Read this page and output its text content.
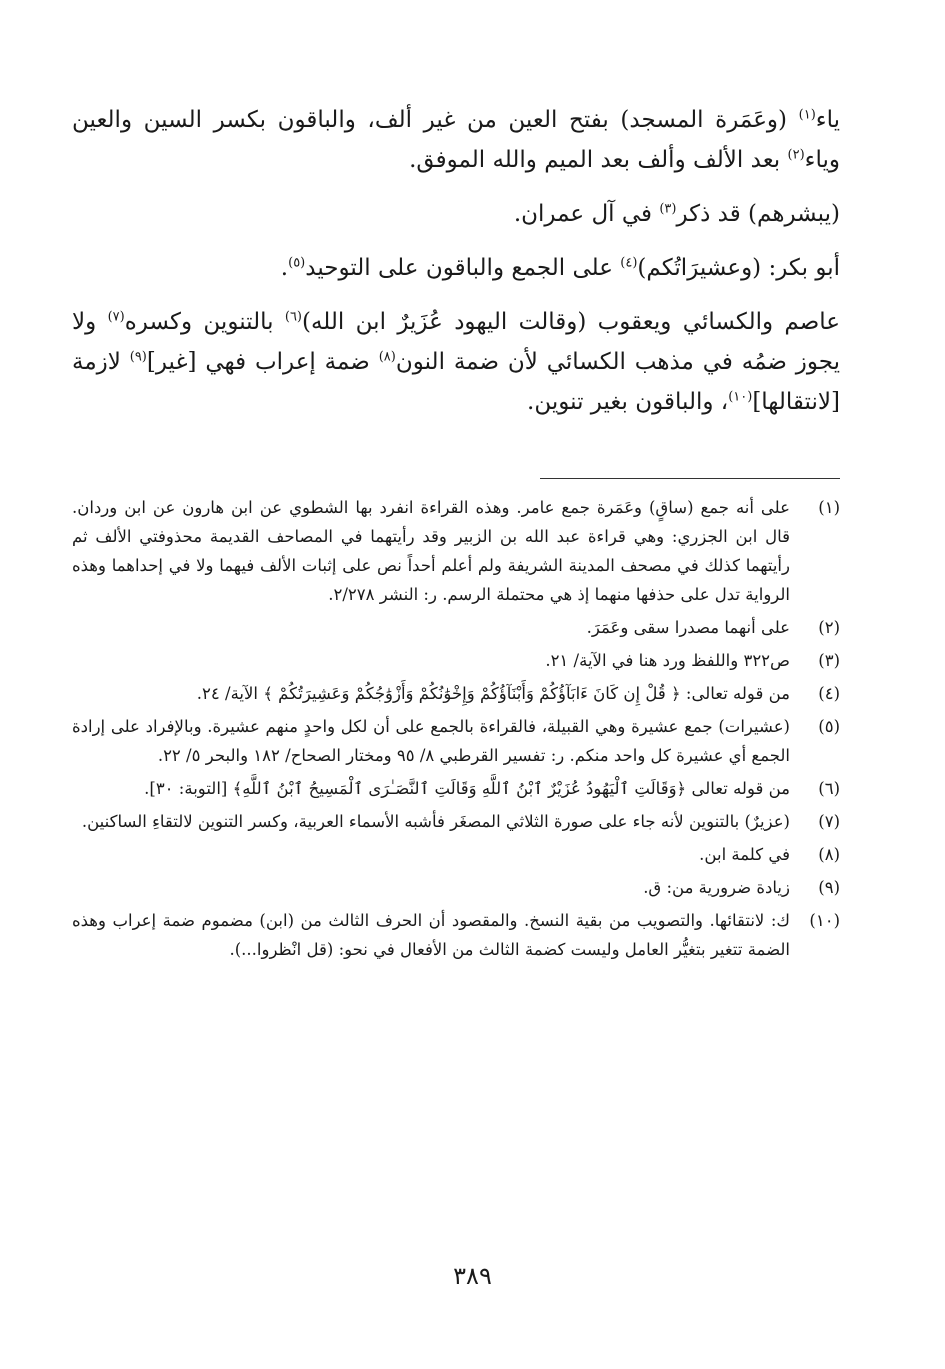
ياء$^{(١)}$ (وعَمَرة المسجد) بفتح العين من غير ألف، والباقون بكسر السين والعين وياء$^{(٢)}$ بعد الألف وألف بعد الميم والله الموفق.

(يبشرهم) قد ذكر$^{(٣)}$ في آل عمران.

أبو بكر: (وعشيرَاتُكم)$^{(٤)}$ على الجمع والباقون على التوحيد$^{(٥)}$.

عاصم والكسائي ويعقوب (وقالت اليهود عُزَيرٌ ابن الله)$^{(٦)}$ بالتنوين وكسره$^{(٧)}$ ولا يجوز ضمُه في مذهب الكسائي لأن ضمة النون$^{(٨)}$ ضمة إعراب فهي [غير]$^{(٩)}$ لازمة [لانتقالها]$^{(١٠)}$، والباقون بغير تنوين.

(١)
على أنه جمع (ساقٍ) وعَمَرة جمع عامر. وهذه القراءة انفرد بها الشطوي عن ابن هارون عن ابن وردان. قال ابن الجزري: وهي قراءة عبد الله بن الزبير وقد رأيتهما في المصاحف القديمة محذوفتي الألف ثم رأيتهما كذلك في مصحف المدينة الشريفة ولم أعلم أحداً نص على إثبات الألف فيهما ولا في إحداهما وهذه الرواية تدل على حذفها منهما إذ هي محتملة الرسم. ر: النشر ٢/٢٧٨.
(٢)
على أنهما مصدرا سقى وعَمَرَ.
(٣)
ص٣٢٢ واللفظ ورد هنا في الآية/ ٢١.
(٤)
من قوله تعالى: ﴿ قُلْ إِن كَانَ ءَابَآؤُكُمْ وَأَبْنَآؤُكُمْ وَإِخْوَٰنُكُمْ وَأَزْوَٰجُكُمْ وَعَشِيرَتُكُمْ ﴾ الآية/ ٢٤.
(٥)
(عشيرات) جمع عشيرة وهي القبيلة، فالقراءة بالجمع على أن لكل واحدٍ منهم عشيرة. وبالإفراد على إرادة الجمع أي عشيرة كل واحد منكم. ر: تفسير القرطبي ٨/ ٩٥ ومختار الصحاح/ ١٨٢ والبحر ٥/ ٢٢.
(٦)
من قوله تعالى ﴿وَقَالَتِ ٱلْيَهُودُ عُزَيْرٌ ٱبْنُ ٱللَّهِ وَقَالَتِ ٱلنَّصَـٰرَى ٱلْمَسِيحُ ٱبْنُ ٱللَّهِ﴾ [التوبة: ٣٠].
(٧)
(عزيرٌ) بالتنوين لأنه جاء على صورة الثلاثي المصغَر فأشبه الأسماء العربية، وكسر التنوين لالتقاءِ الساكنين.
(٨)
في كلمة ابن.
(٩)
زيادة ضرورية من: ق.
(١٠)
ك: لانتقائها. والتصويب من بقية النسخ. والمقصود أن الحرف الثالث من (ابن) مضموم ضمة إعراب وهذه الضمة تتغير بتغيُّر العامل وليست كضمة الثالث من الأفعال في نحو: (قل انْظروا...).
٣٨٩
